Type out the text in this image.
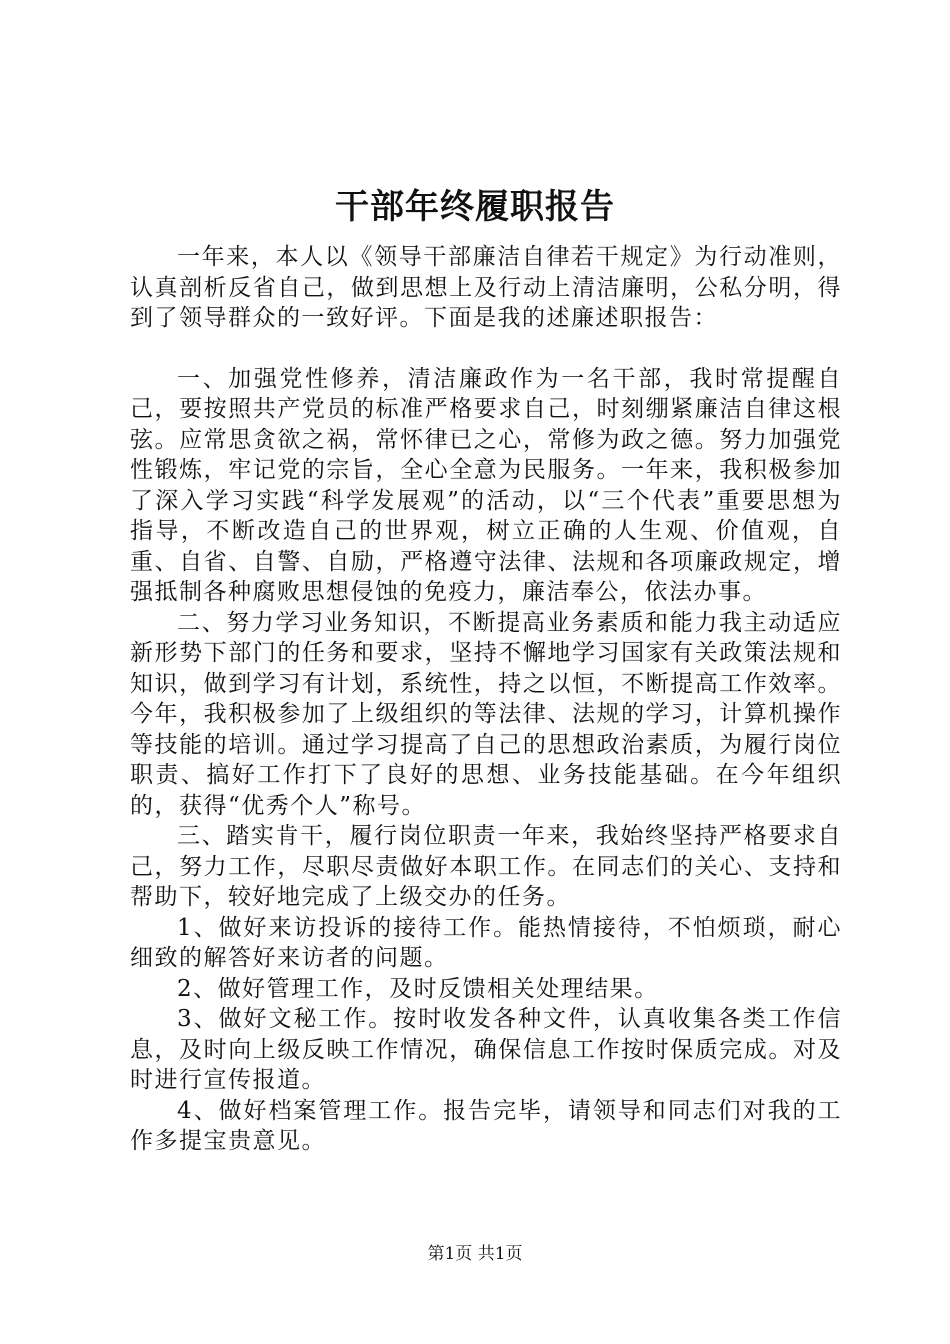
干部年终履职报告

一年来，本人以《领导干部廉洁自律若干规定》为行动准则，认真剖析反省自己，做到思想上及行动上清洁廉明，公私分明，得到了领导群众的一致好评。下面是我的述廉述职报告：

一、加强党性修养，清洁廉政作为一名干部，我时常提醒自己，要按照共产党员的标准严格要求自己，时刻绷紧廉洁自律这根弦。应常思贪欲之祸，常怀律已之心，常修为政之德。努力加强党性锻炼，牢记党的宗旨，全心全意为民服务。一年来，我积极参加了深入学习实践“科学发展观”的活动，以“三个代表”重要思想为指导，不断改造自己的世界观，树立正确的人生观、价值观，自重、自省、自警、自励，严格遵守法律、法规和各项廉政规定，增强抵制各种腐败思想侵蚀的免疫力，廉洁奉公，依法办事。

二、努力学习业务知识，不断提高业务素质和能力我主动适应新形势下部门的任务和要求，坚持不懈地学习国家有关政策法规和知识，做到学习有计划，系统性，持之以恒，不断提高工作效率。今年，我积极参加了上级组织的等法律、法规的学习，计算机操作等技能的培训。通过学习提高了自己的思想政治素质，为履行岗位职责、搞好工作打下了良好的思想、业务技能基础。在今年组织的，获得“优秀个人”称号。

三、踏实肯干，履行岗位职责一年来，我始终坚持严格要求自己，努力工作，尽职尽责做好本职工作。在同志们的关心、支持和帮助下，较好地完成了上级交办的任务。

1、做好来访投诉的接待工作。能热情接待，不怕烦琐，耐心细致的解答好来访者的问题。

2、做好管理工作，及时反馈相关处理结果。

3、做好文秘工作。按时收发各种文件，认真收集各类工作信息，及时向上级反映工作情况，确保信息工作按时保质完成。对及时进行宣传报道。

4、做好档案管理工作。报告完毕，请领导和同志们对我的工作多提宝贵意见。

第1页 共1页
